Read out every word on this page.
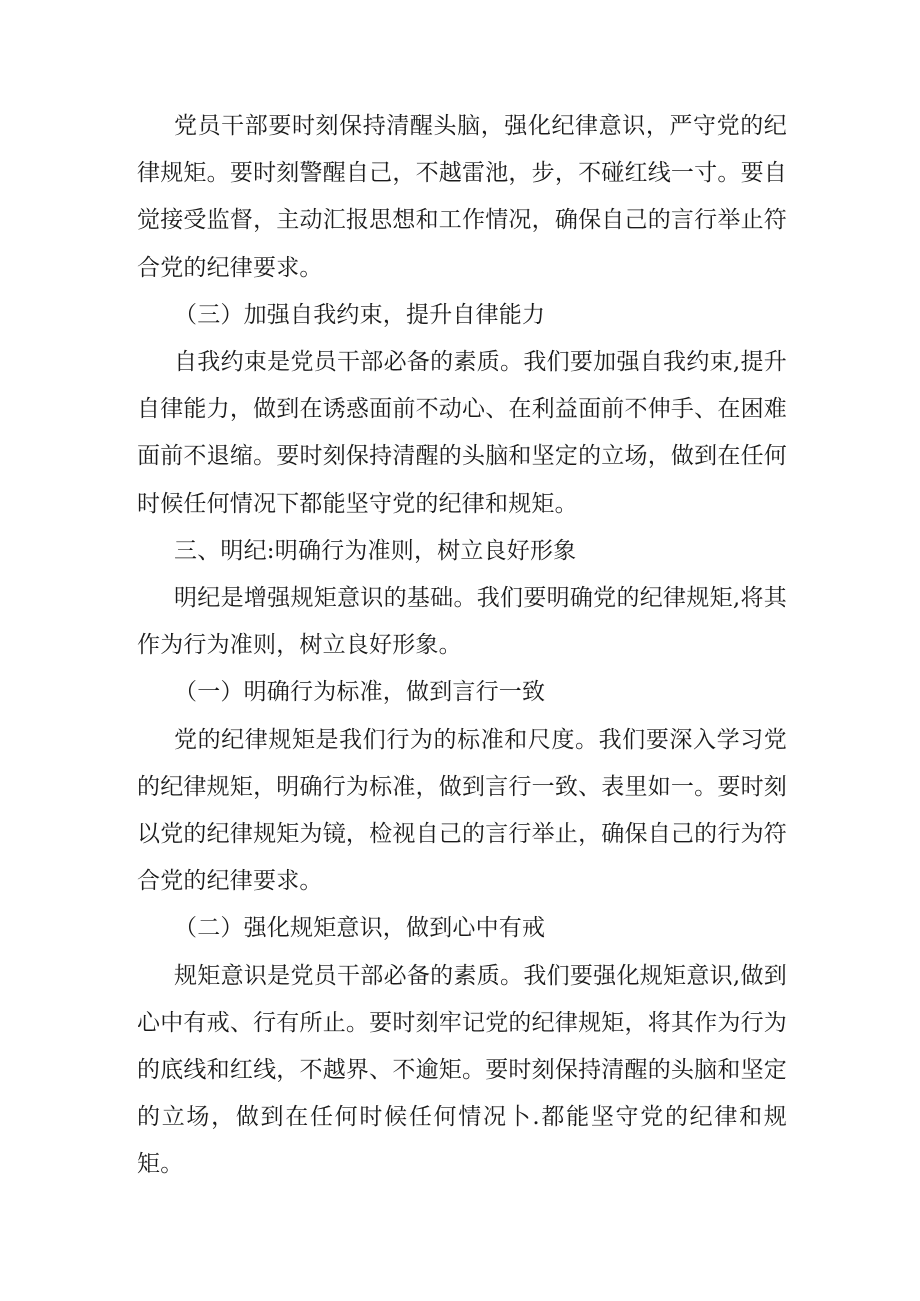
党员干部要时刻保持清醒头脑，强化纪律意识，严守党的纪律规矩。要时刻警醒自己，不越雷池，步，不碰红线一寸。要自觉接受监督，主动汇报思想和工作情况，确保自己的言行举止符合党的纪律要求。

（三）加强自我约束，提升自律能力

自我约束是党员干部必备的素质。我们要加强自我约束,提升自律能力，做到在诱惑面前不动心、在利益面前不伸手、在困难面前不退缩。要时刻保持清醒的头脑和坚定的立场，做到在任何时候任何情况下都能坚守党的纪律和规矩。

三、明纪:明确行为准则，树立良好形象

明纪是增强规矩意识的基础。我们要明确党的纪律规矩,将其作为行为准则，树立良好形象。

（一）明确行为标准，做到言行一致

党的纪律规矩是我们行为的标准和尺度。我们要深入学习党的纪律规矩，明确行为标准，做到言行一致、表里如一。要时刻以党的纪律规矩为镜，检视自己的言行举止，确保自己的行为符合党的纪律要求。

（二）强化规矩意识，做到心中有戒

规矩意识是党员干部必备的素质。我们要强化规矩意识,做到心中有戒、行有所止。要时刻牢记党的纪律规矩，将其作为行为的底线和红线，不越界、不逾矩。要时刻保持清醒的头脑和坚定的立场，做到在任何时候任何情况卜.都能坚守党的纪律和规矩。
